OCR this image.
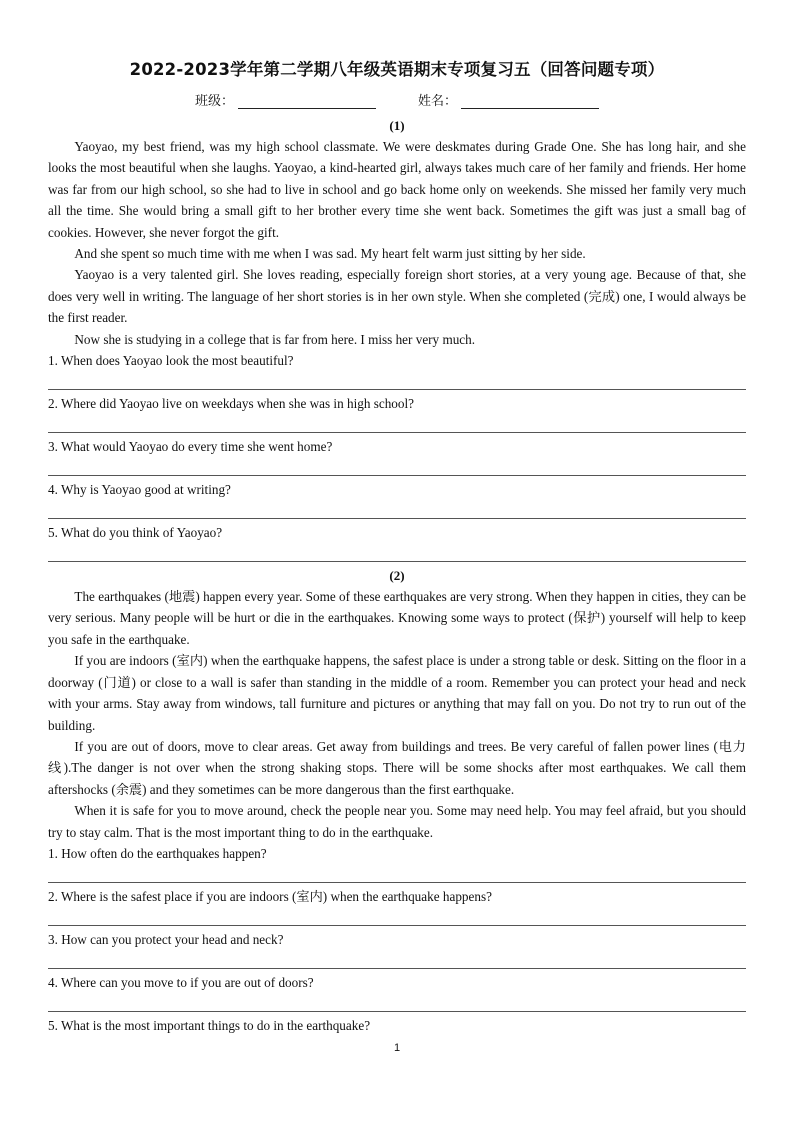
2022-2023学年第二学期八年级英语期末专项复习五（回答问题专项）
班级：	姓名：
(1)

Yaoyao, my best friend, was my high school classmate. We were deskmates during Grade One. She has long hair, and she looks the most beautiful when she laughs. Yaoyao, a kind-hearted girl, always takes much care of her family and friends. Her home was far from our high school, so she had to live in school and go back home only on weekends. She missed her family very much all the time. She would bring a small gift to her brother every time she went back. Sometimes the gift was just a small bag of cookies. However, she never forgot the gift.

And she spent so much time with me when I was sad. My heart felt warm just sitting by her side.

Yaoyao is a very talented girl. She loves reading, especially foreign short stories, at a very young age. Because of that, she does very well in writing. The language of her short stories is in her own style. When she completed (完成) one, I would always be the first reader.

Now she is studying in a college that is far from here. I miss her very much.

1. When does Yaoyao look the most beautiful?

2. Where did Yaoyao live on weekdays when she was in high school?

3. What would Yaoyao do every time she went home?

4. Why is Yaoyao good at writing?

5. What do you think of Yaoyao?

(2)

The earthquakes (地震) happen every year. Some of these earthquakes are very strong. When they happen in cities, they can be very serious. Many people will be hurt or die in the earthquakes. Knowing some ways to protect (保护) yourself will help to keep you safe in the earthquake.

If you are indoors (室内) when the earthquake happens, the safest place is under a strong table or desk. Sitting on the floor in a doorway (门道) or close to a wall is safer than standing in the middle of a room. Remember you can protect your head and neck with your arms. Stay away from windows, tall furniture and pictures or anything that may fall on you. Do not try to run out of the building.

If you are out of doors, move to clear areas. Get away from buildings and trees. Be very careful of fallen power lines (电力线).The danger is not over when the strong shaking stops. There will be some shocks after most earthquakes. We call them aftershocks (余震) and they sometimes can be more dangerous than the first earthquake.

When it is safe for you to move around, check the people near you. Some may need help. You may feel afraid, but you should try to stay calm. That is the most important thing to do in the earthquake.

1. How often do the earthquakes happen?

2. Where is the safest place if you are indoors (室内) when the earthquake happens?

3. How can you protect your head and neck?

4. Where can you move to if you are out of doors?

5. What is the most important things to do in the earthquake?

1
